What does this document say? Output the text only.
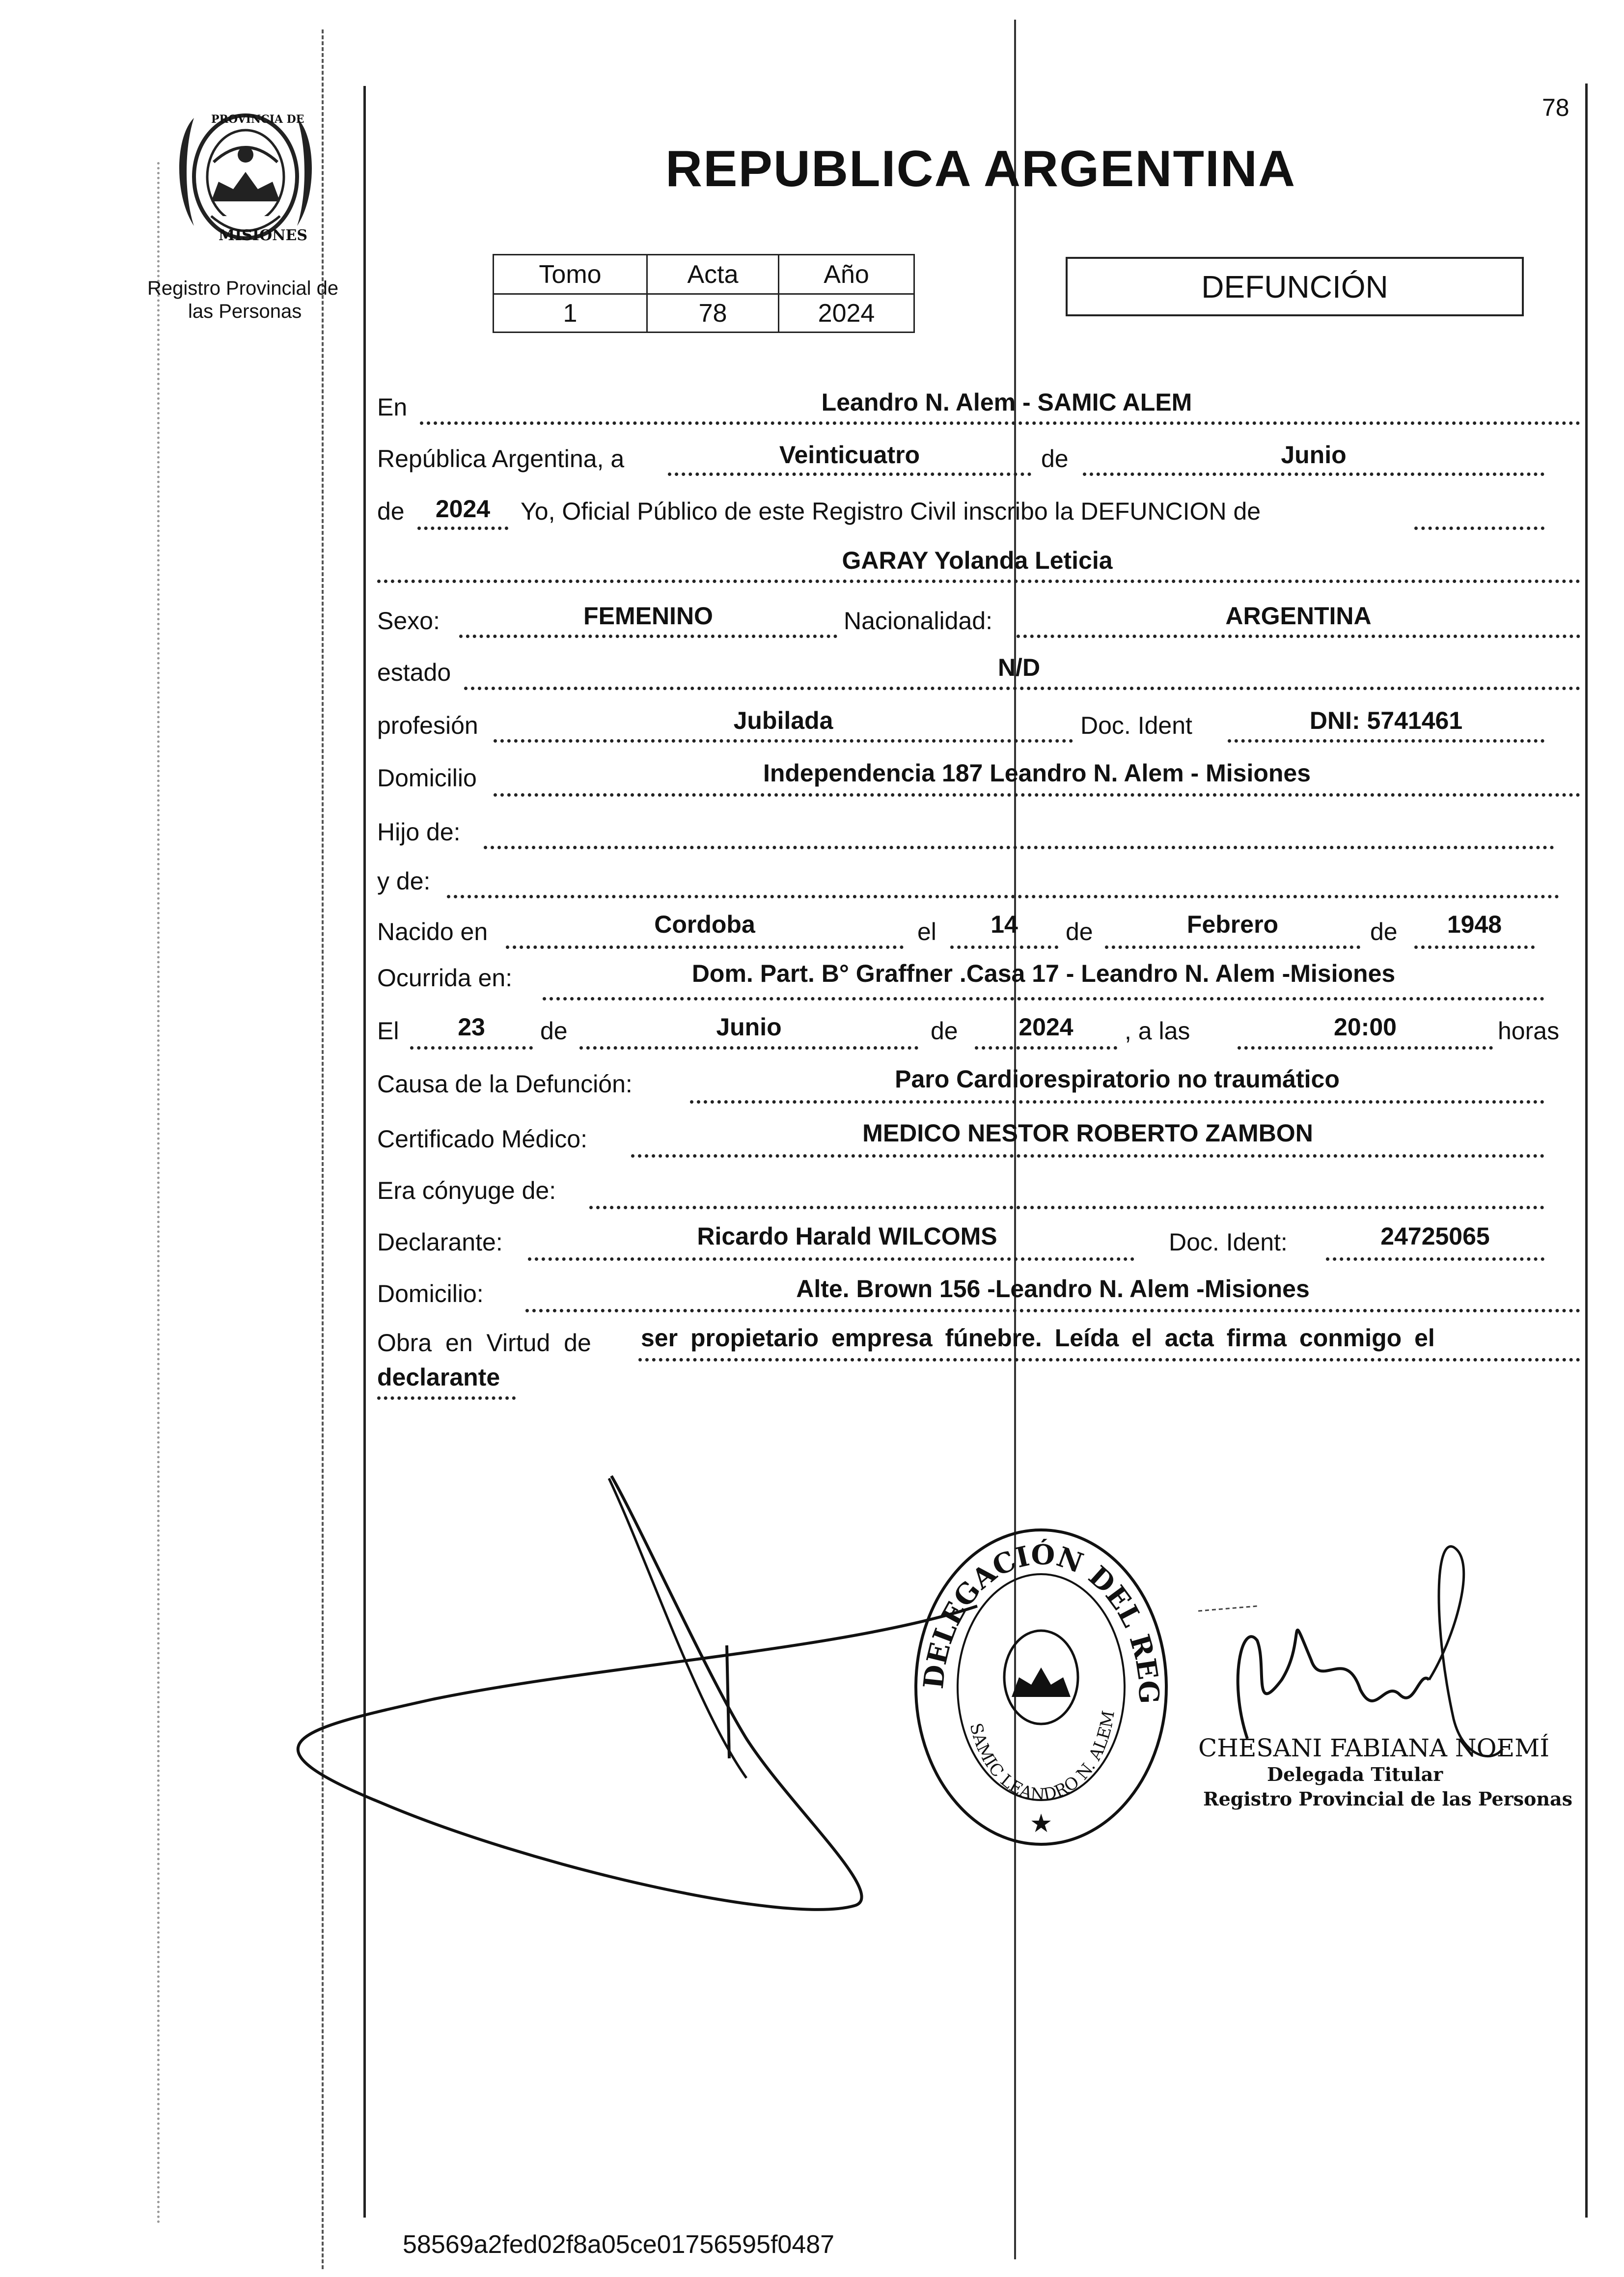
78
PROVINCIA DE
MISIONES
Registro Provincial de
las Personas
REPUBLICA ARGENTINA
Tomo	Acta	Año
1	78	2024
DEFUNCIÓN
En	Leandro N. Alem - SAMIC ALEM
República Argentina, a	Veinticuatro	de	Junio
de	2024	Yo, Oficial Público de este Registro Civil inscribo la DEFUNCION de
GARAY Yolanda Leticia
Sexo:	FEMENINO	Nacionalidad:	ARGENTINA
estado	N/D
profesión	Jubilada	Doc. Ident	DNI: 5741461
Domicilio	Independencia 187 Leandro N. Alem - Misiones
Hijo de:
y de:
Nacido en	Cordoba	el	14	de	Febrero	de	1948
Ocurrida en:	Dom. Part. B° Graffner .Casa 17 - Leandro N. Alem -Misiones
El	23	de	Junio	de	2024	, a las	20:00	horas
Causa de la Defunción:	Paro Cardiorespiratorio no traumático
Certificado Médico:	MEDICO NESTOR ROBERTO ZAMBON
Era cónyuge de:
Declarante:	Ricardo Harald WILCOMS	Doc. Ident:	24725065
Domicilio:	Alte. Brown 156 -Leandro N. Alem -Misiones
Obra en Virtud de ser propietario empresa fúnebre. Leída el acta firma conmigo el
declarante
DELEGACIÓN DEL REG
SAMIC LEANDRO N. ALEM
★
CHESANI FABIANA NOEMÍ
Delegada Titular
Registro Provincial de las Personas
58569a2fed02f8a05ce01756595f0487
